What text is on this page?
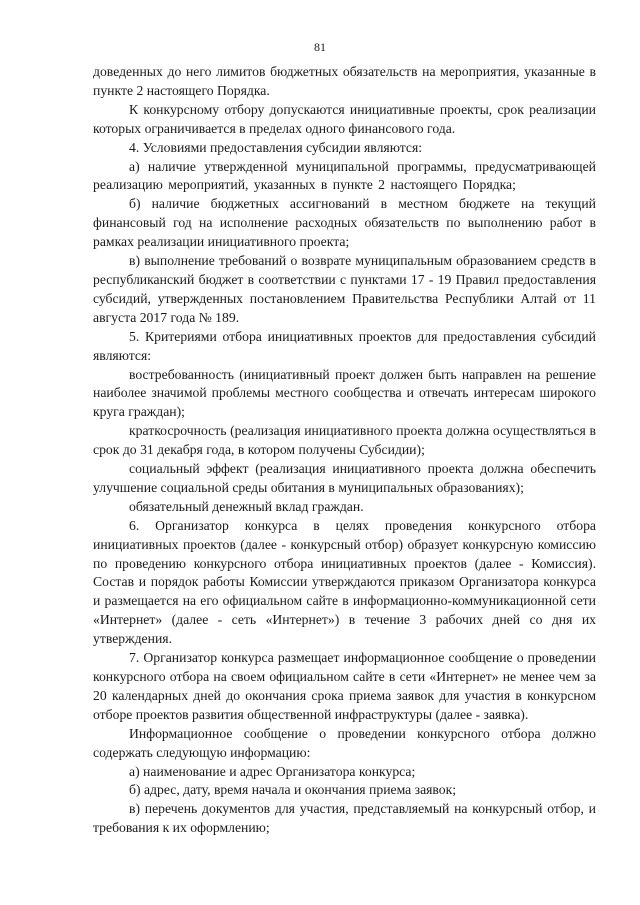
81

доведенных до него лимитов бюджетных обязательств на мероприятия, указанные в пункте 2 настоящего Порядка.

К конкурсному отбору допускаются инициативные проекты, срок реализации которых ограничивается в пределах одного финансового года.

4. Условиями предоставления субсидии являются:

а) наличие утвержденной муниципальной программы, предусматривающей реализацию мероприятий, указанных в пункте 2 настоящего Порядка;

б) наличие бюджетных ассигнований в местном бюджете на текущий финансовый год на исполнение расходных обязательств по выполнению работ в рамках реализации инициативного проекта;

в) выполнение требований о возврате муниципальным образованием средств в республиканский бюджет в соответствии с пунктами 17 - 19 Правил предоставления субсидий, утвержденных постановлением Правительства Республики Алтай от 11 августа 2017 года № 189.

5. Критериями отбора инициативных проектов для предоставления субсидий являются:

востребованность (инициативный проект должен быть направлен на решение наиболее значимой проблемы местного сообщества и отвечать интересам широкого круга граждан);

краткосрочность (реализация инициативного проекта должна осуществляться в срок до 31 декабря года, в котором получены Субсидии);

социальный эффект (реализация инициативного проекта должна обеспечить улучшение социальной среды обитания в муниципальных образованиях);

обязательный денежный вклад граждан.

6. Организатор конкурса в целях проведения конкурсного отбора инициативных проектов (далее - конкурсный отбор) образует конкурсную комиссию по проведению конкурсного отбора инициативных проектов (далее - Комиссия). Состав и порядок работы Комиссии утверждаются приказом Организатора конкурса и размещается на его официальном сайте в информационно-коммуникационной сети «Интернет» (далее - сеть «Интернет») в течение 3 рабочих дней со дня их утверждения.

7. Организатор конкурса размещает информационное сообщение о проведении конкурсного отбора на своем официальном сайте в сети «Интернет» не менее чем за 20 календарных дней до окончания срока приема заявок для участия в конкурсном отборе проектов развития общественной инфраструктуры (далее - заявка).

Информационное сообщение о проведении конкурсного отбора должно содержать следующую информацию:

а) наименование и адрес Организатора конкурса;

б) адрес, дату, время начала и окончания приема заявок;

в) перечень документов для участия, представляемый на конкурсный отбор, и требования к их оформлению;
